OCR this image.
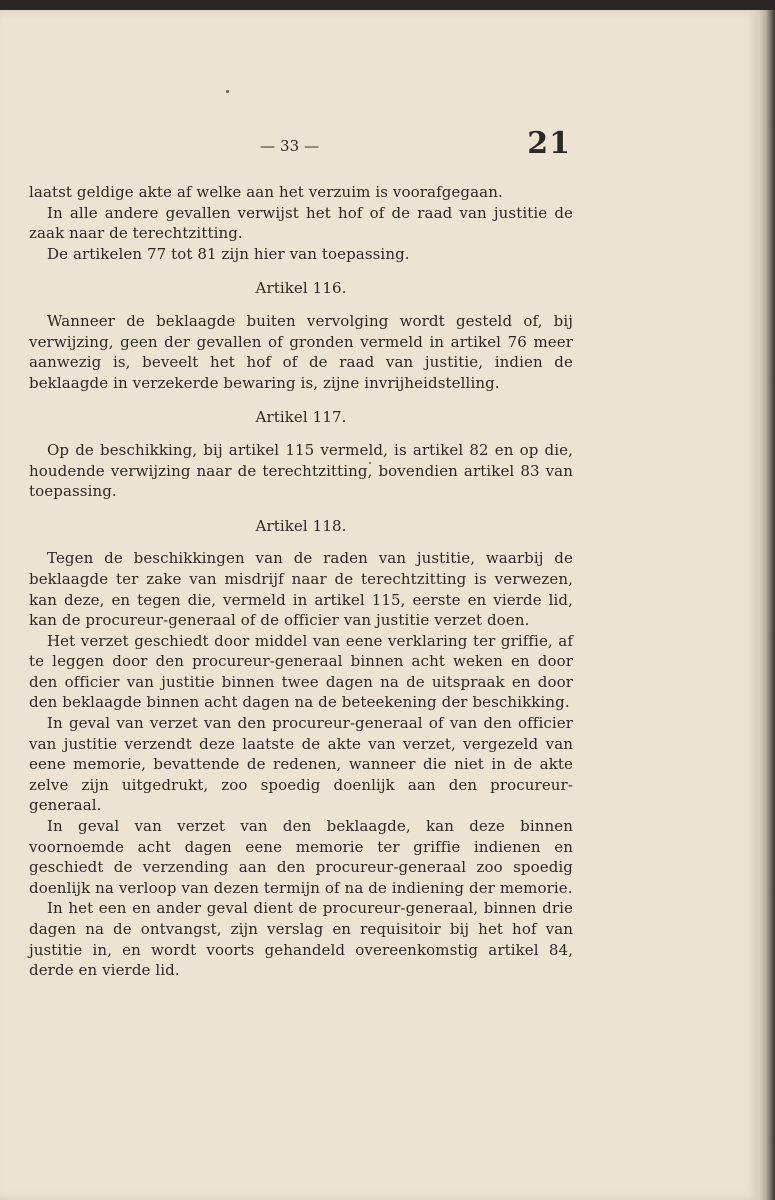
— 33 —	21

laatst geldige akte af welke aan het verzuim is voorafgegaan.

In alle andere gevallen verwijst het hof of de raad van justitie de zaak naar de terechtzitting.

De artikelen 77 tot 81 zijn hier van toepassing.

Artikel 116.

Wanneer de beklaagde buiten vervolging wordt gesteld of, bij verwijzing, geen der gevallen of gronden vermeld in artikel 76 meer aanwezig is, beveelt het hof of de raad van justitie, indien de beklaagde in verzekerde bewaring is, zijne invrijheidstelling.

Artikel 117.

Op de beschikking, bij artikel 115 vermeld, is artikel 82 en op die, houdende verwijzing naar de terechtzitting, bovendien artikel 83 van toepassing.

Artikel 118.

Tegen de beschikkingen van de raden van justitie, waarbij de beklaagde ter zake van misdrijf naar de terechtzitting is verwezen, kan deze, en tegen die, vermeld in artikel 115, eerste en vierde lid, kan de procureur-generaal of de officier van justitie verzet doen.

Het verzet geschiedt door middel van eene verklaring ter griffie, af te leggen door den procureur-generaal binnen acht weken en door den officier van justitie binnen twee dagen na de uitspraak en door den beklaagde binnen acht dagen na de beteekening der beschikking.

In geval van verzet van den procureur-generaal of van den officier van justitie verzendt deze laatste de akte van verzet, vergezeld van eene memorie, bevattende de redenen, wanneer die niet in de akte zelve zijn uitgedrukt, zoo spoedig doenlijk aan den procureur-generaal.

In geval van verzet van den beklaagde, kan deze binnen voornoemde acht dagen eene memorie ter griffie indienen en geschiedt de verzending aan den procureur-generaal zoo spoedig doenlijk na verloop van dezen termijn of na de indiening der memorie.

In het een en ander geval dient de procureur-generaal, binnen drie dagen na de ontvangst, zijn verslag en requisitoir bij het hof van justitie in, en wordt voorts gehandeld overeenkomstig artikel 84, derde en vierde lid.
